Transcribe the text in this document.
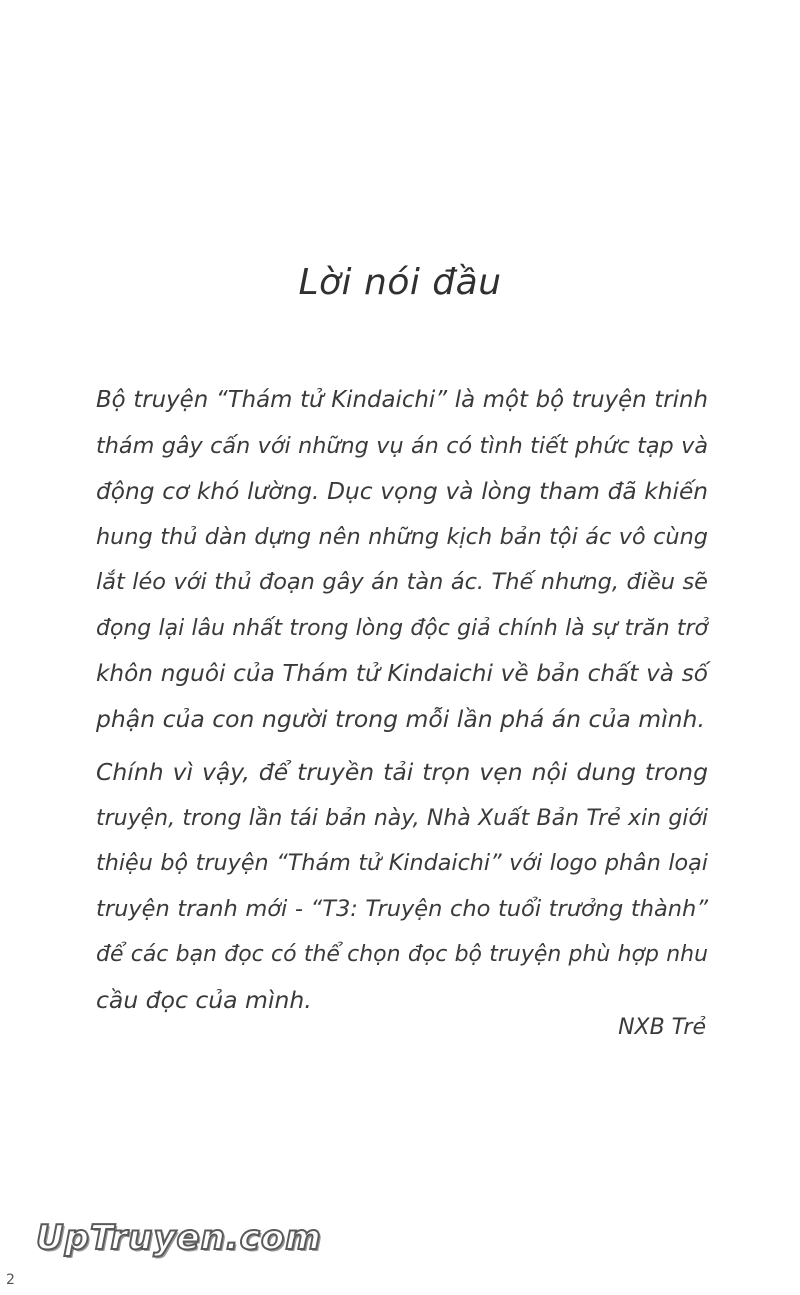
Lời nói đầu

Bộ truyện “Thám tử Kindaichi” là một bộ truyện trinh
thám gây cấn với những vụ án có tình tiết phức tạp và
động cơ khó lường. Dục vọng và lòng tham đã khiến
hung thủ dàn dựng nên những kịch bản tội ác vô cùng
lắt léo với thủ đoạn gây án tàn ác. Thế nhưng, điều sẽ
đọng lại lâu nhất trong lòng độc giả chính là sự trăn trở
khôn nguôi của Thám tử Kindaichi về bản chất và số
phận của con người trong mỗi lần phá án của mình.

Chính vì vậy, để truyền tải trọn vẹn nội dung trong
truyện, trong lần tái bản này, Nhà Xuất Bản Trẻ xin giới
thiệu bộ truyện “Thám tử Kindaichi” với logo phân loại
truyện tranh mới - “T3: Truyện cho tuổi trưởng thành”
để các bạn đọc có thể chọn đọc bộ truyện phù hợp nhu
cầu đọc của mình.

NXB Trẻ

UpTruyen.com
2
